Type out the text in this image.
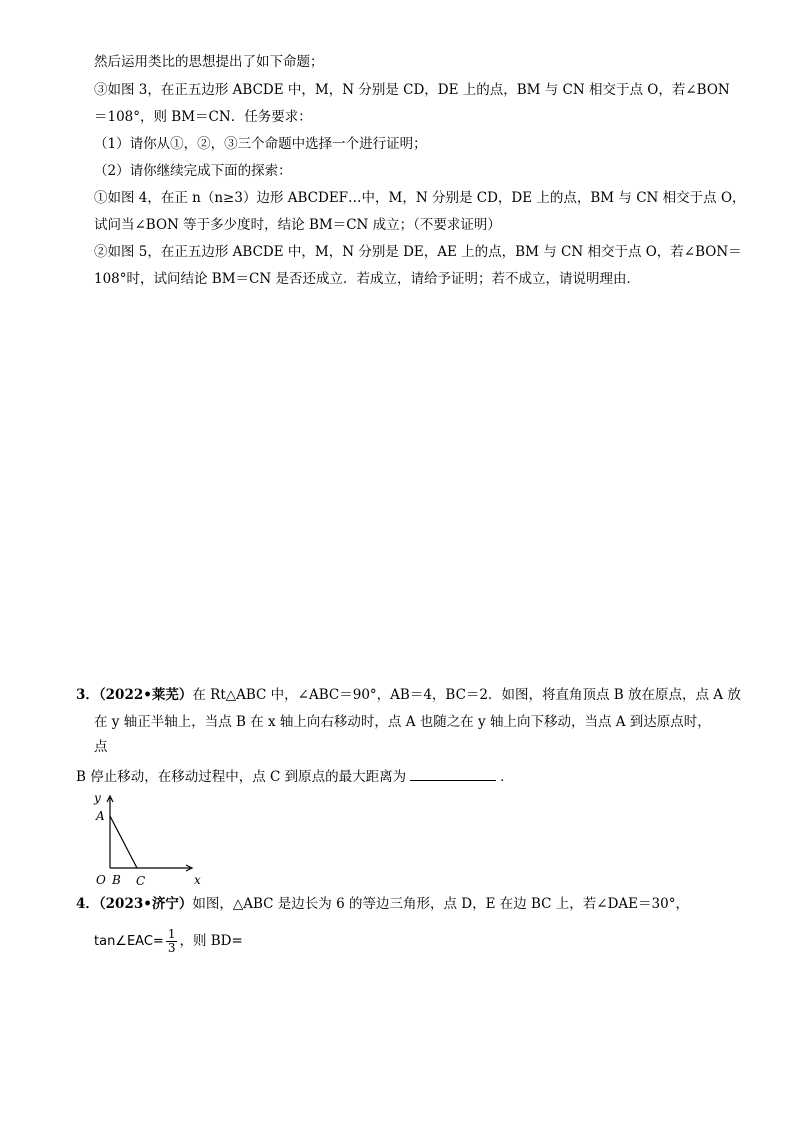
然后运用类比的思想提出了如下命题；
③如图 3，在正五边形 ABCDE 中，M，N 分别是 CD，DE 上的点，BM 与 CN 相交于点 O，若∠BON
＝108°，则 BM＝CN．任务要求：
（1）请你从①，②，③三个命题中选择一个进行证明；
（2）请你继续完成下面的探索：
①如图 4，在正 n（n≥3）边形 ABCDEF…中，M，N 分别是 CD，DE 上的点，BM 与 CN 相交于点 O，
试问当∠BON 等于多少度时，结论 BM＝CN 成立；（不要求证明）
②如图 5，在正五边形 ABCDE 中，M，N 分别是 DE，AE 上的点，BM 与 CN 相交于点 O，若∠BON＝
108°时，试问结论 BM＝CN 是否还成立．若成立，请给予证明；若不成立，请说明理由．
3．（2022•莱芜）在 Rt△ABC 中，∠ABC＝90°，AB＝4，BC＝2．如图，将直角顶点 B 放在原点，点 A 放
在 y 轴正半轴上，当点 B 在 x 轴上向右移动时，点 A 也随之在 y 轴上向下移动，当点 A 到达原点时，
点
B 停止移动，在移动过程中，点 C 到原点的最大距离为	．
y
x
A
O B C
4．（2023•济宁）如图，△ABC 是边长为 6 的等边三角形，点 D，E 在边 BC 上，若∠DAE＝30°，
tan∠EAC= $\frac{1}{3}$ ，则 BD=
